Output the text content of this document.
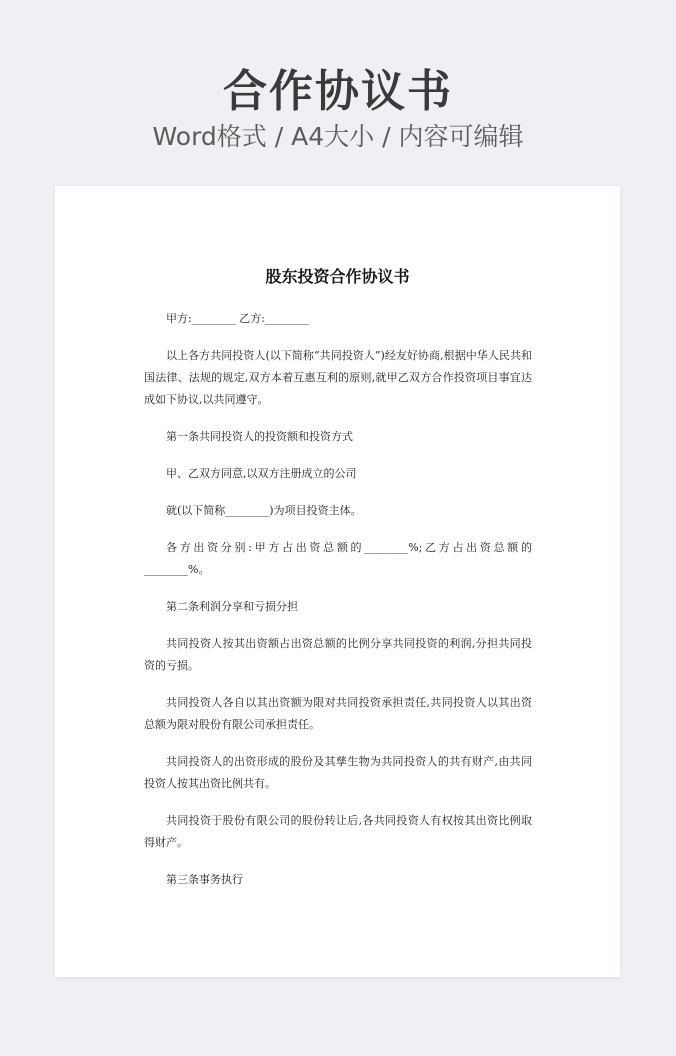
合作协议书
Word格式 / A4大小 / 内容可编辑
股东投资合作协议书

甲方:________ 乙方:________

以上各方共同投资人(以下简称“共同投资人”)经友好协商,根据中华人民共和国法律、法规的规定,双方本着互惠互利的原则,就甲乙双方合作投资项目事宜达成如下协议,以共同遵守。

第一条共同投资人的投资额和投资方式

甲、乙双方同意,以双方注册成立的公司

就(以下简称________)为项目投资主体。

各方出资分别:甲方占出资总额的________%;乙方占出资总额的________%。

第二条利润分享和亏损分担

共同投资人按其出资额占出资总额的比例分享共同投资的利润,分担共同投资的亏损。

共同投资人各自以其出资额为限对共同投资承担责任,共同投资人以其出资总额为限对股份有限公司承担责任。

共同投资人的出资形成的股份及其孳生物为共同投资人的共有财产,由共同投资人按其出资比例共有。

共同投资于股份有限公司的股份转让后,各共同投资人有权按其出资比例取得财产。

第三条事务执行
